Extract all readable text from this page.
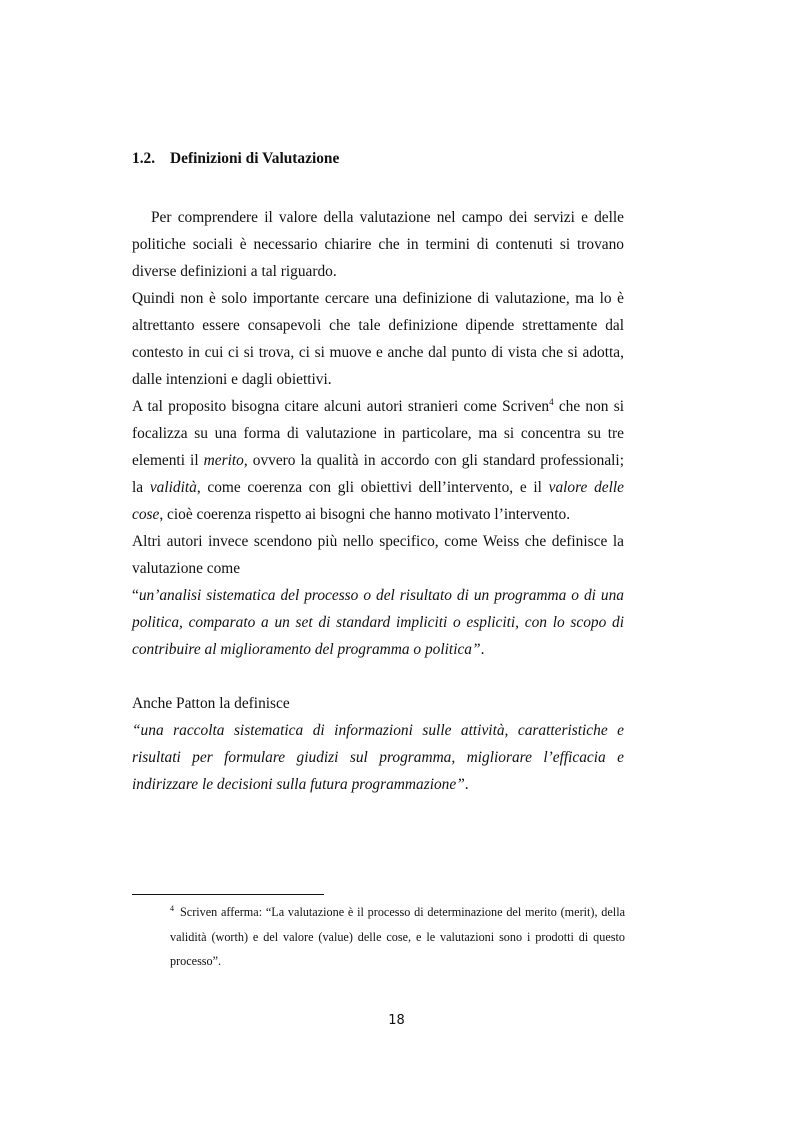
1.2. Definizioni di Valutazione

Per comprendere il valore della valutazione nel campo dei servizi e delle politiche sociali è necessario chiarire che in termini di contenuti si trovano diverse definizioni a tal riguardo.

Quindi non è solo importante cercare una definizione di valutazione, ma lo è altrettanto essere consapevoli che tale definizione dipende strettamente dal contesto in cui ci si trova, ci si muove e anche dal punto di vista che si adotta, dalle intenzioni e dagli obiettivi.

A tal proposito bisogna citare alcuni autori stranieri come Scriven$^4$ che non si focalizza su una forma di valutazione in particolare, ma si concentra su tre elementi il merito, ovvero la qualità in accordo con gli standard professionali; la validità, come coerenza con gli obiettivi dell’intervento, e il valore delle cose, cioè coerenza rispetto ai bisogni che hanno motivato l’intervento.

Altri autori invece scendono più nello specifico, come Weiss che definisce la valutazione come

“un’analisi sistematica del processo o del risultato di un programma o di una politica, comparato a un set di standard impliciti o espliciti, con lo scopo di contribuire al miglioramento del programma o politica”.

Anche Patton la definisce

“una raccolta sistematica di informazioni sulle attività, caratteristiche e risultati per formulare giudizi sul programma, migliorare l’efficacia e indirizzare le decisioni sulla futura programmazione”.

$^4$ Scriven afferma: “La valutazione è il processo di determinazione del merito (merit), della validità (worth) e del valore (value) delle cose, e le valutazioni sono i prodotti di questo processo”.

18
